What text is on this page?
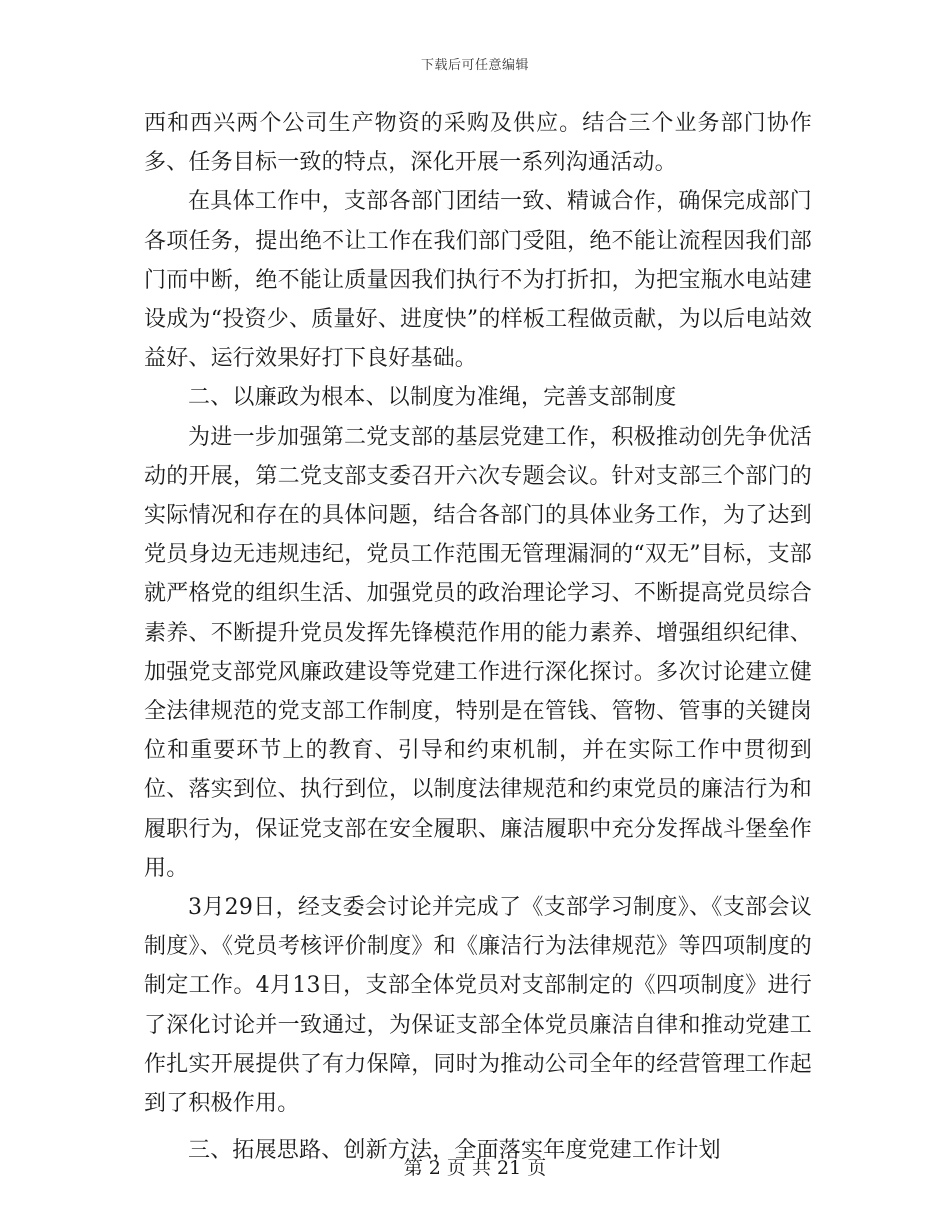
下载后可任意编辑

西和西兴两个公司生产物资的采购及供应。结合三个业务部门协作多、任务目标一致的特点，深化开展一系列沟通活动。

在具体工作中，支部各部门团结一致、精诚合作，确保完成部门各项任务，提出绝不让工作在我们部门受阻，绝不能让流程因我们部门而中断，绝不能让质量因我们执行不为打折扣，为把宝瓶水电站建设成为“投资少、质量好、进度快”的样板工程做贡献，为以后电站效益好、运行效果好打下良好基础。

二、以廉政为根本、以制度为准绳，完善支部制度

为进一步加强第二党支部的基层党建工作，积极推动创先争优活动的开展，第二党支部支委召开六次专题会议。针对支部三个部门的实际情况和存在的具体问题，结合各部门的具体业务工作，为了达到党员身边无违规违纪，党员工作范围无管理漏洞的“双无”目标，支部就严格党的组织生活、加强党员的政治理论学习、不断提高党员综合素养、不断提升党员发挥先锋模范作用的能力素养、增强组织纪律、加强党支部党风廉政建设等党建工作进行深化探讨。多次讨论建立健全法律规范的党支部工作制度，特别是在管钱、管物、管事的关键岗位和重要环节上的教育、引导和约束机制，并在实际工作中贯彻到位、落实到位、执行到位，以制度法律规范和约束党员的廉洁行为和履职行为，保证党支部在安全履职、廉洁履职中充分发挥战斗堡垒作用。

3月29日，经支委会讨论并完成了《支部学习制度》、《支部会议制度》、《党员考核评价制度》和《廉洁行为法律规范》等四项制度的制定工作。4月13日，支部全体党员对支部制定的《四项制度》进行了深化讨论并一致通过，为保证支部全体党员廉洁自律和推动党建工作扎实开展提供了有力保障，同时为推动公司全年的经营管理工作起到了积极作用。

三、拓展思路、创新方法，全面落实年度党建工作计划

第 2 页 共 21 页
